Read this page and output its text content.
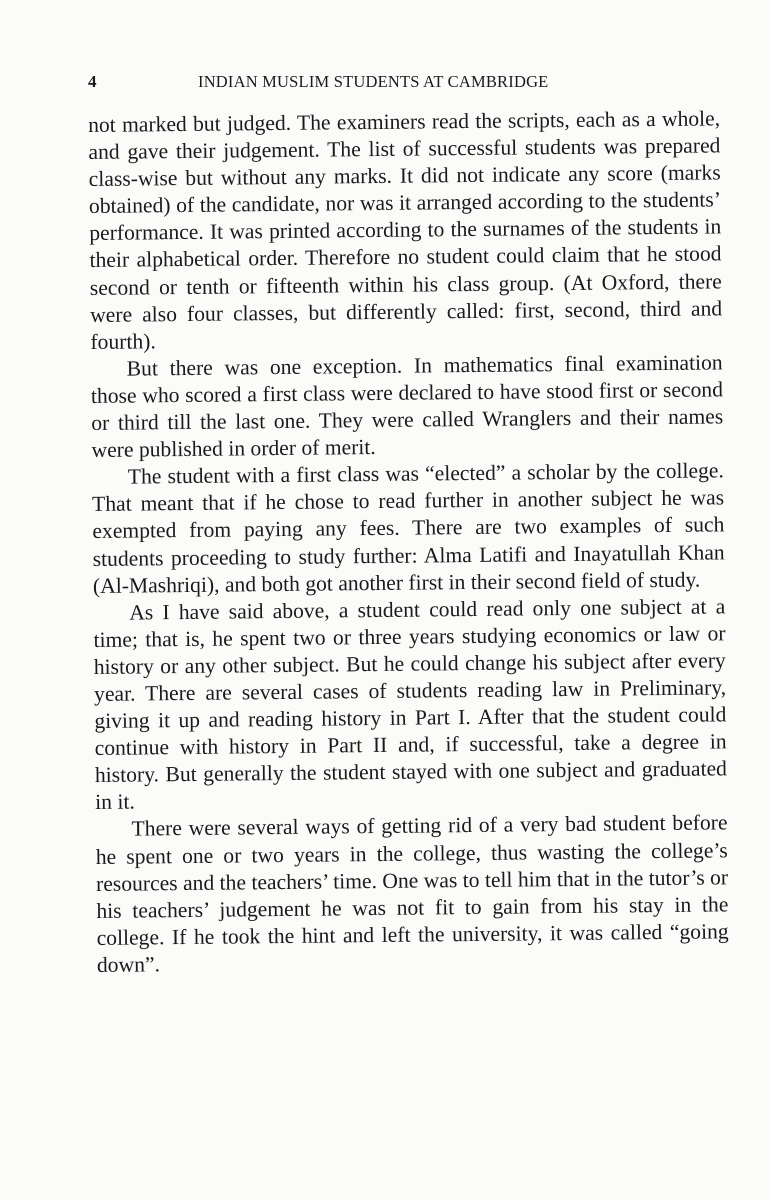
4	INDIAN MUSLIM STUDENTS AT CAMBRIDGE

not marked but judged. The examiners read the scripts, each as a whole, and gave their judgement. The list of successful students was prepared class-wise but without any marks. It did not indicate any score (marks obtained) of the candidate, nor was it arranged according to the students’ performance. It was printed according to the surnames of the students in their alphabetical order. Therefore no student could claim that he stood second or tenth or fifteenth within his class group. (At Oxford, there were also four classes, but differently called: first, second, third and fourth).

But there was one exception. In mathematics final examination those who scored a first class were declared to have stood first or second or third till the last one. They were called Wranglers and their names were published in order of merit.

The student with a first class was “elected” a scholar by the college. That meant that if he chose to read further in another subject he was exempted from paying any fees. There are two examples of such students proceeding to study further: Alma Latifi and Inayatullah Khan (Al-Mashriqi), and both got another first in their second field of study.

As I have said above, a student could read only one subject at a time; that is, he spent two or three years studying economics or law or history or any other subject. But he could change his subject after every year. There are several cases of students reading law in Preliminary, giving it up and reading history in Part I. After that the student could continue with history in Part II and, if successful, take a degree in history. But generally the student stayed with one subject and graduated in it.

There were several ways of getting rid of a very bad student before he spent one or two years in the college, thus wasting the college’s resources and the teachers’ time. One was to tell him that in the tutor’s or his teachers’ judgement he was not fit to gain from his stay in the college. If he took the hint and left the university, it was called “going down”.
